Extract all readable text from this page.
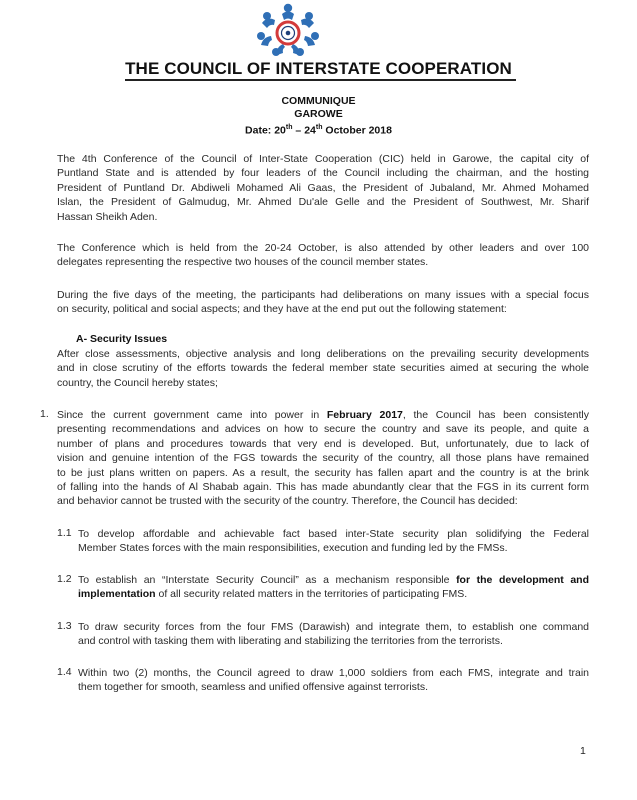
THE COUNCIL OF INTERSTATE COOPERATION
COMMUNIQUE
GAROWE
Date: 20th – 24th October 2018
The 4th Conference of the Council of Inter-State Cooperation (CIC) held in Garowe, the capital city of
Puntland State and is attended by four leaders of the Council including the chairman, and the hosting
President of Puntland Dr. Abdiweli Mohamed Ali Gaas, the President of Jubaland, Mr. Ahmed Mohamed
Islan, the President of Galmudug, Mr. Ahmed Du'ale Gelle and the President of Southwest, Mr. Sharif
Hassan Sheikh Aden.
The Conference which is held from the 20-24 October, is also attended by other leaders and over 100
delegates representing the respective two houses of the council member states.
During the five days of the meeting, the participants had deliberations on many issues with a special focus
on security, political and social aspects; and they have at the end put out the following statement:
A- Security Issues
After close assessments, objective analysis and long deliberations on the prevailing security developments
and in close scrutiny of the efforts towards the federal member state securities aimed at securing the whole
country, the Council hereby states;
1. Since the current government came into power in February 2017, the Council has been consistently
presenting recommendations and advices on how to secure the country and save its people, and quite a
number of plans and procedures towards that very end is developed. But, unfortunately, due to lack of
vision and genuine intention of the FGS towards the security of the country, all those plans have remained
to be just plans written on papers. As a result, the security has fallen apart and the country is at the brink
of falling into the hands of Al Shabab again. This has made abundantly clear that the FGS in its current form
and behavior cannot be trusted with the security of the country. Therefore, the Council has decided:
1.1 To develop affordable and achievable fact based inter-State security plan solidifying the Federal
Member States forces with the main responsibilities, execution and funding led by the FMSs.
1.2 To establish an “Interstate Security Council” as a mechanism responsible for the development and
implementation of all security related matters in the territories of participating FMS.
1.3 To draw security forces from the four FMS (Darawish) and integrate them, to establish one command
and control with tasking them with liberating and stabilizing the territories from the terrorists.
1.4 Within two (2) months, the Council agreed to draw 1,000 soldiers from each FMS, integrate and train
them together for smooth, seamless and unified offensive against terrorists.
1
